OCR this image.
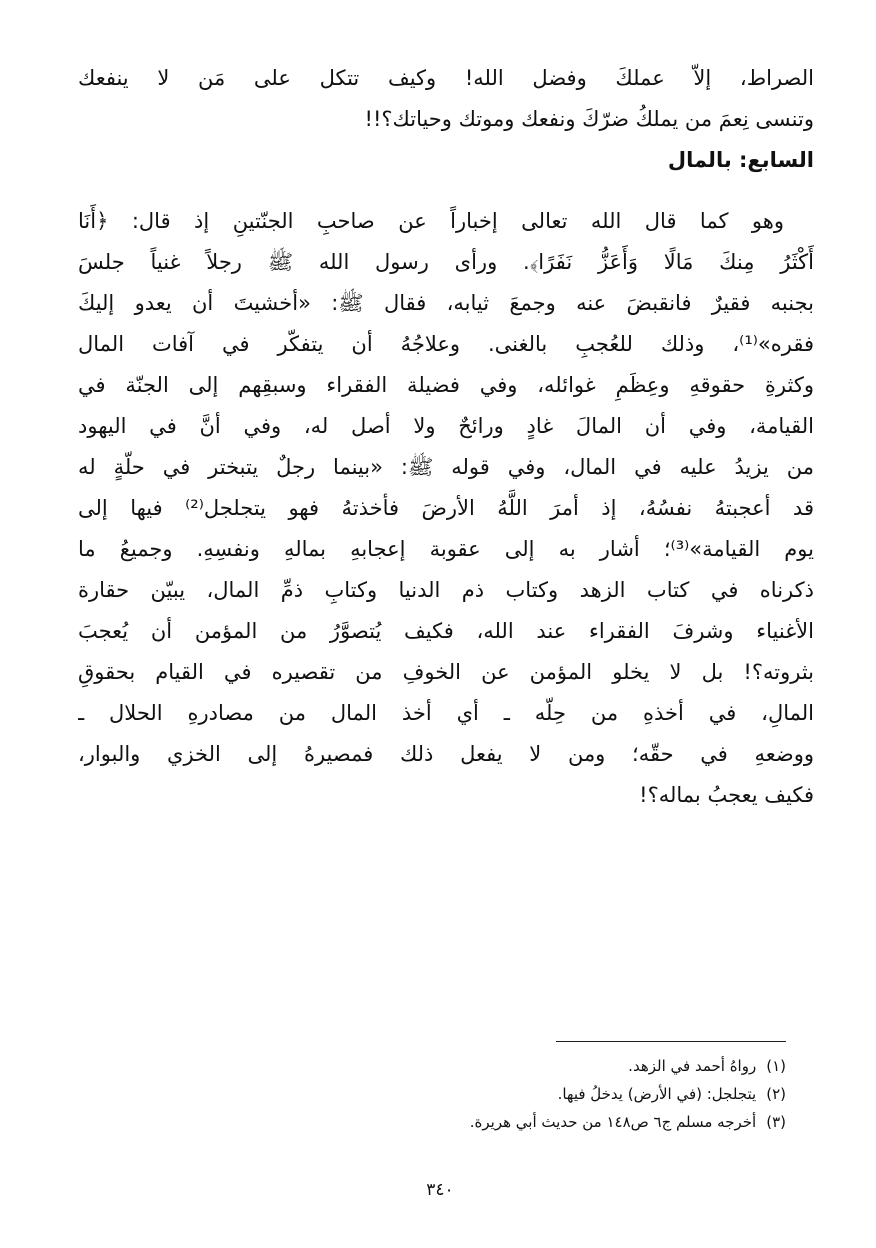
الصراط، إلاّ عملكَ وفضل الله! وكيف تتكل على مَن لا ينفعك
وتنسى نِعمَ من يملكُ ضرّكَ ونفعك وموتك وحياتك؟!!
السابع: بالمال
وهو كما قال الله تعالى إخباراً عن صاحبِ الجنّتينِ إذ قال: ﴿أَنَا
أَكْثَرُ مِنكَ مَالًا وَأَعَزُّ نَفَرًا﴾. ورأى رسول الله ﷺ رجلاً غنياً جلسَ
بجنبه فقيرٌ فانقبضَ عنه وجمعَ ثيابه، فقال ﷺ: «أخشيتَ أن يعدو إليكَ
فقره»⁽¹⁾، وذلك للعُجبِ بالغنى. وعلاجُهُ أن يتفكّر في آفات المال
وكثرةِ حقوقهِ وعِظَمِ غوائله، وفي فضيلة الفقراء وسبقِهم إلى الجنّة في
القيامة، وفي أن المالَ غادٍ ورائحٌ ولا أصل له، وفي أنَّ في اليهود
من يزيدُ عليه في المال، وفي قوله ﷺ: «بينما رجلٌ يتبختر في حلّةٍ له
قد أعجبتهُ نفسُهُ، إذ أمرَ اللَّهُ الأرضَ فأخذتهُ فهو يتجلجل⁽²⁾ فيها إلى
يوم القيامة»⁽³⁾؛ أشار به إلى عقوبة إعجابهِ بمالهِ ونفسِهِ. وجميعُ ما
ذكرناه في كتاب الزهد وكتاب ذم الدنيا وكتابِ ذمِّ المال، يبيّن حقارة
الأغنياء وشرفَ الفقراء عند الله، فكيف يُتصوَّرُ من المؤمن أن يُعجبَ
بثروته؟! بل لا يخلو المؤمن عن الخوفِ من تقصيره في القيام بحقوقِ
المالِ، في أخذهِ من حِلّه ـ أي أخذ المال من مصادرهِ الحلال ـ
ووضعهِ في حقّه؛ ومن لا يفعل ذلك فمصيرهُ إلى الخزي والبوار،
فكيف يعجبُ بماله؟!
(١)رواهُ أحمد في الزهد.
(٢)يتجلجل: (في الأرض) يدخلُ فيها.
(٣)أخرجه مسلم ج٦ ص١٤٨ من حديث أبي هريرة.
٣٤٠
